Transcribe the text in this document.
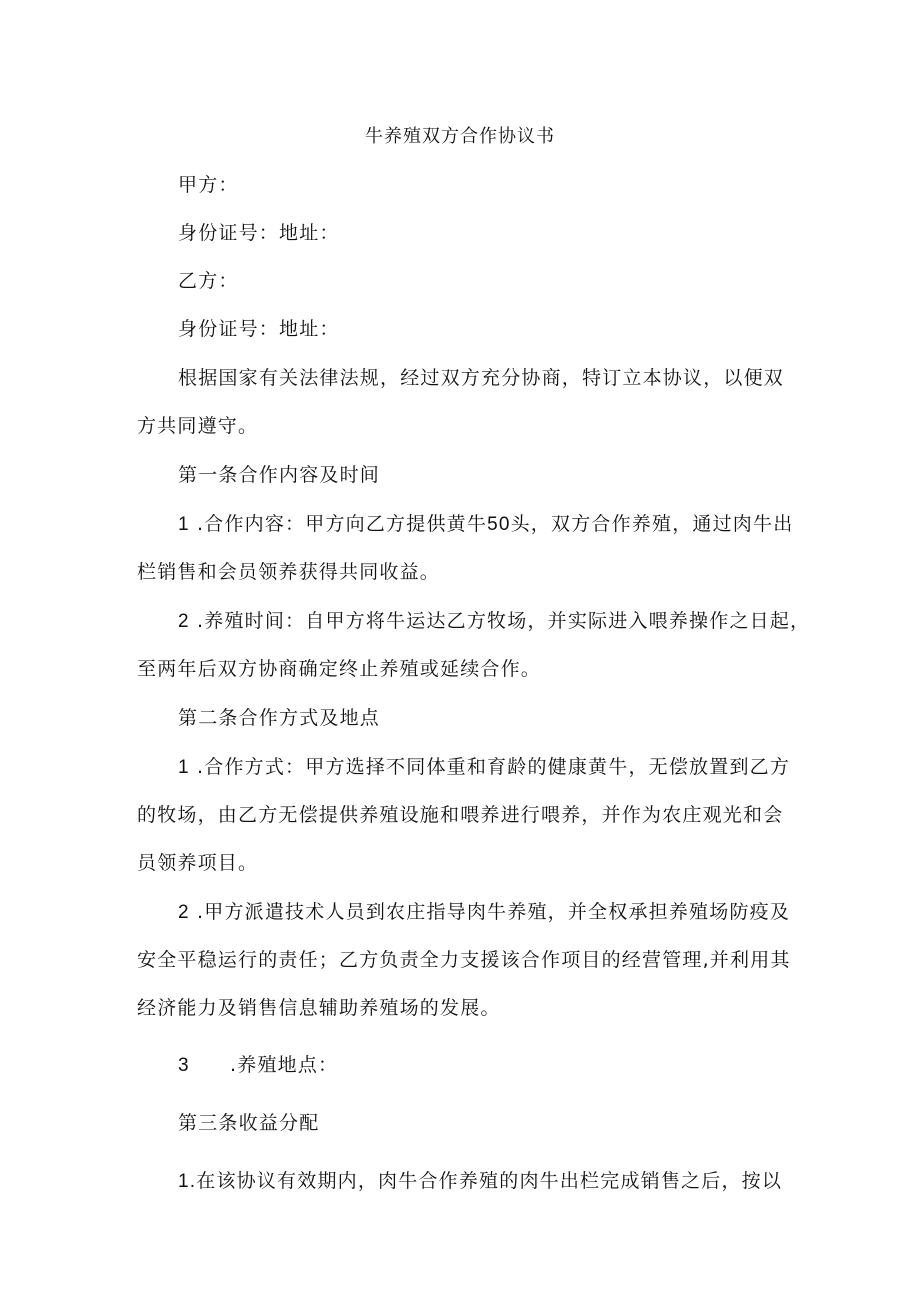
牛养殖双方合作协议书
甲方：
身份证号：地址：
乙方：
身份证号：地址：
根据国家有关法律法规，经过双方充分协商，特订立本协议，以便双
方共同遵守。
第一条合作内容及时间
1 .合作内容：甲方向乙方提供黄牛50头，双方合作养殖，通过肉牛出
栏销售和会员领养获得共同收益。
2 .养殖时间：自甲方将牛运达乙方牧场，并实际进入喂养操作之日起，
至两年后双方协商确定终止养殖或延续合作。
第二条合作方式及地点
1 .合作方式：甲方选择不同体重和育龄的健康黄牛，无偿放置到乙方
的牧场，由乙方无偿提供养殖设施和喂养进行喂养，并作为农庄观光和会
员领养项目。
2 .甲方派遣技术人员到农庄指导肉牛养殖，并全权承担养殖场防疫及
安全平稳运行的责任；乙方负责全力支援该合作项目的经营管理,并利用其
经济能力及销售信息辅助养殖场的发展。
3 .养殖地点：
第三条收益分配
1.在该协议有效期内，肉牛合作养殖的肉牛出栏完成销售之后，按以
